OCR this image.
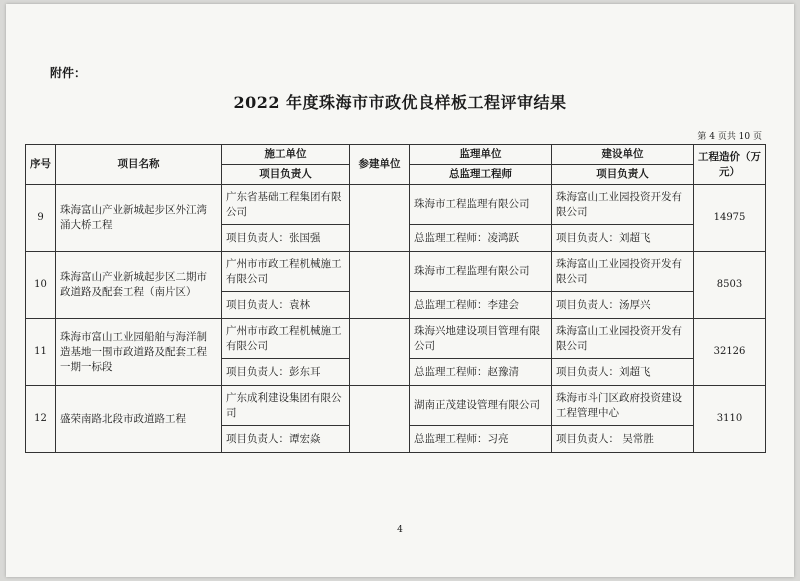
附件：
2022 年度珠海市市政优良样板工程评审结果
第 4 页共 10 页
序号	项目名称	施工单位	参建单位	监理单位	建设单位	工程造价（万元）
		项目负责人		总监理工程师	项目负责人	
9	珠海富山产业新城起步区外江湾涌大桥工程	广东省基础工程集团有限公司		珠海市工程监理有限公司	珠海富山工业园投资开发有限公司	14975
		项目负责人：张国强		总监理工程师：凌鸿跃	项目负责人：刘超飞	
10	珠海富山产业新城起步区二期市政道路及配套工程（南片区）	广州市市政工程机械施工有限公司		珠海市工程监理有限公司	珠海富山工业园投资开发有限公司	8503
		项目负责人：袁林		总监理工程师：李建会	项目负责人：汤厚兴	
11	珠海市富山工业园船舶与海洋制造基地一围市政道路及配套工程一期一标段	广州市市政工程机械施工有限公司		珠海兴地建设项目管理有限公司	珠海富山工业园投资开发有限公司	32126
		项目负责人：彭东耳		总监理工程师：赵豫清	项目负责人：刘超飞	
12	盛荣南路北段市政道路工程	广东成利建设集团有限公司		湖南正茂建设管理有限公司	珠海市斗门区政府投资建设工程管理中心	3110
		项目负责人：谭宏焱		总监理工程师：习亮	项目负责人： 吴常胜	
4
